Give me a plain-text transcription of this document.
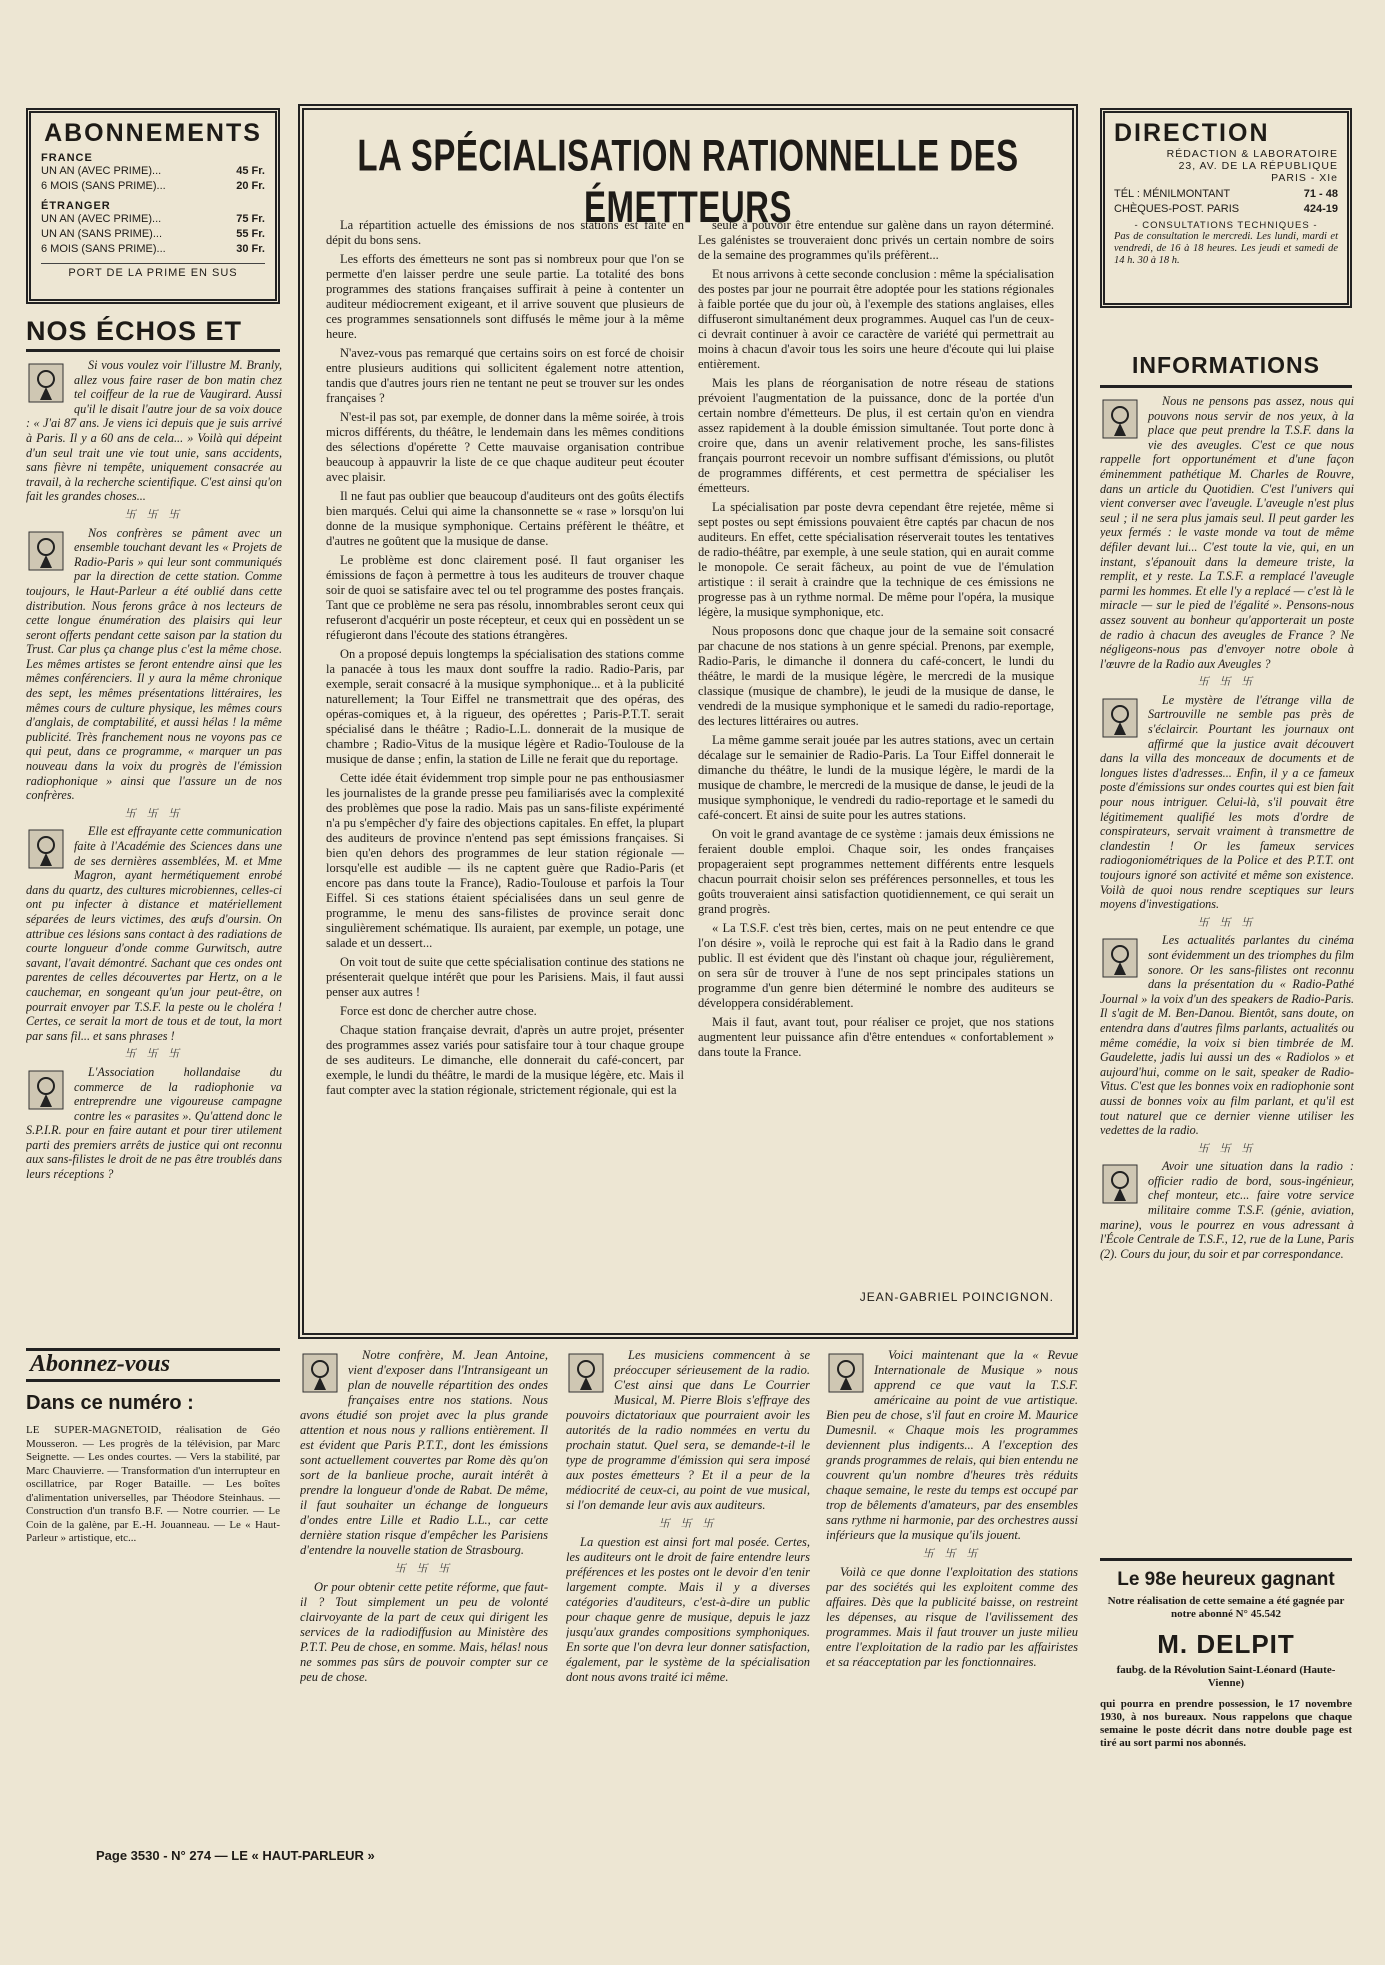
ABONNEMENTS
FRANCE
UN AN (AVEC PRIME)...	45 Fr.
6 MOIS (SANS PRIME)...	20 Fr.
ÉTRANGER
UN AN (AVEC PRIME)...	75 Fr.
UN AN (SANS PRIME)...	55 Fr.
6 MOIS (SANS PRIME)...	30 Fr.
PORT DE LA PRIME EN SUS
NOS ÉCHOS ET

Si vous voulez voir l'illustre M. Branly, allez vous faire raser de bon matin chez tel coiffeur de la rue de Vaugirard. Aussi qu'il le disait l'autre jour de sa voix douce : « J'ai 87 ans. Je viens ici depuis que je suis arrivé à Paris. Il y a 60 ans de cela... » Voilà qui dépeint d'un seul trait une vie tout unie, sans accidents, sans fièvre ni tempête, uniquement consacrée au travail, à la recherche scientifique. C'est ainsi qu'on fait les grandes choses...

卐 卐 卐

Nos confrères se pâment avec un ensemble touchant devant les « Projets de Radio-Paris » qui leur sont communiqués par la direction de cette station. Comme toujours, le Haut-Parleur a été oublié dans cette distribution. Nous ferons grâce à nos lecteurs de cette longue énumération des plaisirs qui leur seront offerts pendant cette saison par la station du Trust. Car plus ça change plus c'est la même chose. Les mêmes artistes se feront entendre ainsi que les mêmes conférenciers. Il y aura la même chronique des sept, les mêmes présentations littéraires, les mêmes cours de culture physique, les mêmes cours d'anglais, de comptabilité, et aussi hélas ! la même publicité. Très franchement nous ne voyons pas ce qui peut, dans ce programme, « marquer un pas nouveau dans la voix du progrès de l'émission radiophonique » ainsi que l'assure un de nos confrères.

卐 卐 卐

Elle est effrayante cette communication faite à l'Académie des Sciences dans une de ses dernières assemblées, M. et Mme Magron, ayant hermétiquement enrobé dans du quartz, des cultures microbiennes, celles-ci ont pu infecter à distance et matériellement séparées de leurs victimes, des œufs d'oursin. On attribue ces lésions sans contact à des radiations de courte longueur d'onde comme Gurwitsch, autre savant, l'avait démontré. Sachant que ces ondes ont parentes de celles découvertes par Hertz, on a le cauchemar, en songeant qu'un jour peut-être, on pourrait envoyer par T.S.F. la peste ou le choléra ! Certes, ce serait la mort de tous et de tout, la mort par sans fil... et sans phrases !

卐 卐 卐

L'Association hollandaise du commerce de la radiophonie va entreprendre une vigoureuse campagne contre les « parasites ». Qu'attend donc le S.P.I.R. pour en faire autant et pour tirer utilement parti des premiers arrêts de justice qui ont reconnu aux sans-filistes le droit de ne pas être troublés dans leurs réceptions ?

Abonnez-vous
Dans ce numéro :
LE SUPER-MAGNETOID, réalisation de Géo Mousseron. — Les progrès de la télévision, par Marc Seignette. — Les ondes courtes. — Vers la stabilité, par Marc Chauvierre. — Transformation d'un interrupteur en oscillatrice, par Roger Bataille. — Les boîtes d'alimentation universelles, par Théodore Steinhaus. — Construction d'un transfo B.F. — Notre courrier. — Le Coin de la galène, par E.-H. Jouanneau. — Le « Haut-Parleur » artistique, etc...
LA SPÉCIALISATION RATIONNELLE DES ÉMETTEURS

La répartition actuelle des émissions de nos stations est faite en dépit du bons sens.

Les efforts des émetteurs ne sont pas si nombreux pour que l'on se permette d'en laisser perdre une seule partie. La totalité des bons programmes des stations françaises suffirait à peine à contenter un auditeur médiocrement exigeant, et il arrive souvent que plusieurs de ces programmes sensationnels sont diffusés le même jour à la même heure.

N'avez-vous pas remarqué que certains soirs on est forcé de choisir entre plusieurs auditions qui sollicitent également notre attention, tandis que d'autres jours rien ne tentant ne peut se trouver sur les ondes françaises ?

N'est-il pas sot, par exemple, de donner dans la même soirée, à trois micros différents, du théâtre, le lendemain dans les mêmes conditions des sélections d'opérette ? Cette mauvaise organisation contribue beaucoup à appauvrir la liste de ce que chaque auditeur peut écouter avec plaisir.

Il ne faut pas oublier que beaucoup d'auditeurs ont des goûts électifs bien marqués. Celui qui aime la chansonnette se « rase » lorsqu'on lui donne de la musique symphonique. Certains préfèrent le théâtre, et d'autres ne goûtent que la musique de danse.

Le problème est donc clairement posé. Il faut organiser les émissions de façon à permettre à tous les auditeurs de trouver chaque soir de quoi se satisfaire avec tel ou tel programme des postes français. Tant que ce problème ne sera pas résolu, innombrables seront ceux qui refuseront d'acquérir un poste récepteur, et ceux qui en possèdent un se réfugieront dans l'écoute des stations étrangères.

On a proposé depuis longtemps la spécialisation des stations comme la panacée à tous les maux dont souffre la radio. Radio-Paris, par exemple, serait consacré à la musique symphonique... et à la publicité naturellement; la Tour Eiffel ne transmettrait que des opéras, des opéras-comiques et, à la rigueur, des opérettes ; Paris-P.T.T. serait spécialisé dans le théâtre ; Radio-L.L. donnerait de la musique de chambre ; Radio-Vitus de la musique légère et Radio-Toulouse de la musique de danse ; enfin, la station de Lille ne ferait que du reportage.

Cette idée était évidemment trop simple pour ne pas enthousiasmer les journalistes de la grande presse peu familiarisés avec la complexité des problèmes que pose la radio. Mais pas un sans-filiste expérimenté n'a pu s'empêcher d'y faire des objections capitales. En effet, la plupart des auditeurs de province n'entend pas sept émissions françaises. Si bien qu'en dehors des programmes de leur station régionale — lorsqu'elle est audible — ils ne captent guère que Radio-Paris (et encore pas dans toute la France), Radio-Toulouse et parfois la Tour Eiffel. Si ces stations étaient spécialisées dans un seul genre de programme, le menu des sans-filistes de province serait donc singulièrement schématique. Ils auraient, par exemple, un potage, une salade et un dessert...

On voit tout de suite que cette spécialisation continue des stations ne présenterait quelque intérêt que pour les Parisiens. Mais, il faut aussi penser aux autres !

Force est donc de chercher autre chose.

Chaque station française devrait, d'après un autre projet, présenter des programmes assez variés pour satisfaire tour à tour chaque groupe de ses auditeurs. Le dimanche, elle donnerait du café-concert, par exemple, le lundi du théâtre, le mardi de la musique légère, etc. Mais il faut compter avec la station régionale, strictement régionale, qui est la

seule à pouvoir être entendue sur galène dans un rayon déterminé. Les galénistes se trouveraient donc privés un certain nombre de soirs de la semaine des programmes qu'ils préfèrent...

Et nous arrivons à cette seconde conclusion : même la spécialisation des postes par jour ne pourrait être adoptée pour les stations régionales à faible portée que du jour où, à l'exemple des stations anglaises, elles diffuseront simultanément deux programmes. Auquel cas l'un de ceux-ci devrait continuer à avoir ce caractère de variété qui permettrait au moins à chacun d'avoir tous les soirs une heure d'écoute qui lui plaise entièrement.

Mais les plans de réorganisation de notre réseau de stations prévoient l'augmentation de la puissance, donc de la portée d'un certain nombre d'émetteurs. De plus, il est certain qu'on en viendra assez rapidement à la double émission simultanée. Tout porte donc à croire que, dans un avenir relativement proche, les sans-filistes français pourront recevoir un nombre suffisant d'émissions, ou plutôt de programmes différents, et cest permettra de spécialiser les émetteurs.

La spécialisation par poste devra cependant être rejetée, même si sept postes ou sept émissions pouvaient être captés par chacun de nos auditeurs. En effet, cette spécialisation réserverait toutes les tentatives de radio-théâtre, par exemple, à une seule station, qui en aurait comme le monopole. Ce serait fâcheux, au point de vue de l'émulation artistique : il serait à craindre que la technique de ces émissions ne progresse pas à un rythme normal. De même pour l'opéra, la musique légère, la musique symphonique, etc.

Nous proposons donc que chaque jour de la semaine soit consacré par chacune de nos stations à un genre spécial. Prenons, par exemple, Radio-Paris, le dimanche il donnera du café-concert, le lundi du théâtre, le mardi de la musique légère, le mercredi de la musique classique (musique de chambre), le jeudi de la musique de danse, le vendredi de la musique symphonique et le samedi du radio-reportage, des lectures littéraires ou autres.

La même gamme serait jouée par les autres stations, avec un certain décalage sur le semainier de Radio-Paris. La Tour Eiffel donnerait le dimanche du théâtre, le lundi de la musique légère, le mardi de la musique de chambre, le mercredi de la musique de danse, le jeudi de la musique symphonique, le vendredi du radio-reportage et le samedi du café-concert. Et ainsi de suite pour les autres stations.

On voit le grand avantage de ce système : jamais deux émissions ne feraient double emploi. Chaque soir, les ondes françaises propageraient sept programmes nettement différents entre lesquels chacun pourrait choisir selon ses préférences personnelles, et tous les goûts trouveraient ainsi satisfaction quotidiennement, ce qui serait un grand progrès.

« La T.S.F. c'est très bien, certes, mais on ne peut entendre ce que l'on désire », voilà le reproche qui est fait à la Radio dans le grand public. Il est évident que dès l'instant où chaque jour, régulièrement, on sera sûr de trouver à l'une de nos sept principales stations un programme d'un genre bien déterminé le nombre des auditeurs se développera considérablement.

Mais il faut, avant tout, pour réaliser ce projet, que nos stations augmentent leur puissance afin d'être entendues « confortablement » dans toute la France.

JEAN-GABRIEL POINCIGNON.

Notre confrère, M. Jean Antoine, vient d'exposer dans l'Intransigeant un plan de nouvelle répartition des ondes françaises entre nos stations. Nous avons étudié son projet avec la plus grande attention et nous nous y rallions entièrement. Il est évident que Paris P.T.T., dont les émissions sont actuellement couvertes par Rome dès qu'on sort de la banlieue proche, aurait intérêt à prendre la longueur d'onde de Rabat. De même, il faut souhaiter un échange de longueurs d'ondes entre Lille et Radio L.L., car cette dernière station risque d'empêcher les Parisiens d'entendre la nouvelle station de Strasbourg.

卐 卐 卐

Or pour obtenir cette petite réforme, que faut-il ? Tout simplement un peu de volonté clairvoyante de la part de ceux qui dirigent les services de la radiodiffusion au Ministère des P.T.T. Peu de chose, en somme. Mais, hélas! nous ne sommes pas sûrs de pouvoir compter sur ce peu de chose.

Les musiciens commencent à se préoccuper sérieusement de la radio. C'est ainsi que dans Le Courrier Musical, M. Pierre Blois s'effraye des pouvoirs dictatoriaux que pourraient avoir les autorités de la radio nommées en vertu du prochain statut. Quel sera, se demande-t-il le type de programme d'émission qui sera imposé aux postes émetteurs ? Et il a peur de la médiocrité de ceux-ci, au point de vue musical, si l'on demande leur avis aux auditeurs.

卐 卐 卐

La question est ainsi fort mal posée. Certes, les auditeurs ont le droit de faire entendre leurs préférences et les postes ont le devoir d'en tenir largement compte. Mais il y a diverses catégories d'auditeurs, c'est-à-dire un public pour chaque genre de musique, depuis le jazz jusqu'aux grandes compositions symphoniques. En sorte que l'on devra leur donner satisfaction, également, par le système de la spécialisation dont nous avons traité ici même.

Voici maintenant que la « Revue Internationale de Musique » nous apprend ce que vaut la T.S.F. américaine au point de vue artistique. Bien peu de chose, s'il faut en croire M. Maurice Dumesnil. « Chaque mois les programmes deviennent plus indigents... A l'exception des grands programmes de relais, qui bien entendu ne couvrent qu'un nombre d'heures très réduits chaque semaine, le reste du temps est occupé par trop de bêlements d'amateurs, par des ensembles sans rythme ni harmonie, par des orchestres aussi inférieurs que la musique qu'ils jouent.

卐 卐 卐

Voilà ce que donne l'exploitation des stations par des sociétés qui les exploitent comme des affaires. Dès que la publicité baisse, on restreint les dépenses, au risque de l'avilissement des programmes. Mais il faut trouver un juste milieu entre l'exploitation de la radio par les affairistes et sa réacceptation par les fonctionnaires.

DIRECTION
RÉDACTION & LABORATOIRE
23, AV. DE LA RÉPUBLIQUE
PARIS - XIe
TÉL : MÉNILMONTANT	71 - 48
CHÈQUES-POST. PARIS	424-19
- CONSULTATIONS TECHNIQUES -
Pas de consultation le mercredi. Les lundi, mardi et vendredi, de 16 à 18 heures. Les jeudi et samedi de 14 h. 30 à 18 h.
INFORMATIONS

Nous ne pensons pas assez, nous qui pouvons nous servir de nos yeux, à la place que peut prendre la T.S.F. dans la vie des aveugles. C'est ce que nous rappelle fort opportunément et d'une façon éminemment pathétique M. Charles de Rouvre, dans un article du Quotidien. C'est l'univers qui vient converser avec l'aveugle. L'aveugle n'est plus seul ; il ne sera plus jamais seul. Il peut garder les yeux fermés : le vaste monde va tout de même défiler devant lui... C'est toute la vie, qui, en un instant, s'épanouit dans la demeure triste, la remplit, et y reste. La T.S.F. a remplacé l'aveugle parmi les hommes. Et elle l'y a replacé — c'est là le miracle — sur le pied de l'égalité ». Pensons-nous assez souvent au bonheur qu'apporterait un poste de radio à chacun des aveugles de France ? Ne négligeons-nous pas d'envoyer notre obole à l'œuvre de la Radio aux Aveugles ?

卐 卐 卐

Le mystère de l'étrange villa de Sartrouville ne semble pas près de s'éclaircir. Pourtant les journaux ont affirmé que la justice avait découvert dans la villa des monceaux de documents et de longues listes d'adresses... Enfin, il y a ce fameux poste d'émissions sur ondes courtes qui est bien fait pour nous intriguer. Celui-là, s'il pouvait être légitimement qualifié les mots d'ordre de conspirateurs, servait vraiment à transmettre de clandestin ! Or les fameux services radiogoniométriques de la Police et des P.T.T. ont toujours ignoré son activité et même son existence. Voilà de quoi nous rendre sceptiques sur leurs moyens d'investigations.

卐 卐 卐

Les actualités parlantes du cinéma sont évidemment un des triomphes du film sonore. Or les sans-filistes ont reconnu dans la présentation du « Radio-Pathé Journal » la voix d'un des speakers de Radio-Paris. Il s'agit de M. Ben-Danou. Bientôt, sans doute, on entendra dans d'autres films parlants, actualités ou même comédie, la voix si bien timbrée de M. Gaudelette, jadis lui aussi un des « Radiolos » et aujourd'hui, comme on le sait, speaker de Radio-Vitus. C'est que les bonnes voix en radiophonie sont aussi de bonnes voix au film parlant, et qu'il est tout naturel que ce dernier vienne utiliser les vedettes de la radio.

卐 卐 卐

Avoir une situation dans la radio : officier radio de bord, sous-ingénieur, chef monteur, etc... faire votre service militaire comme T.S.F. (génie, aviation, marine), vous le pourrez en vous adressant à l'École Centrale de T.S.F., 12, rue de la Lune, Paris (2). Cours du jour, du soir et par correspondance.

Le 98e heureux gagnant
Notre réalisation de cette semaine a été gagnée par notre abonné N° 45.542
M. DELPIT
faubg. de la Révolution Saint-Léonard (Haute-Vienne)
qui pourra en prendre possession, le 17 novembre 1930, à nos bureaux. Nous rappelons que chaque semaine le poste décrit dans notre double page est tiré au sort parmi nos abonnés.
Page 3530 - N° 274 — LE « HAUT-PARLEUR »
